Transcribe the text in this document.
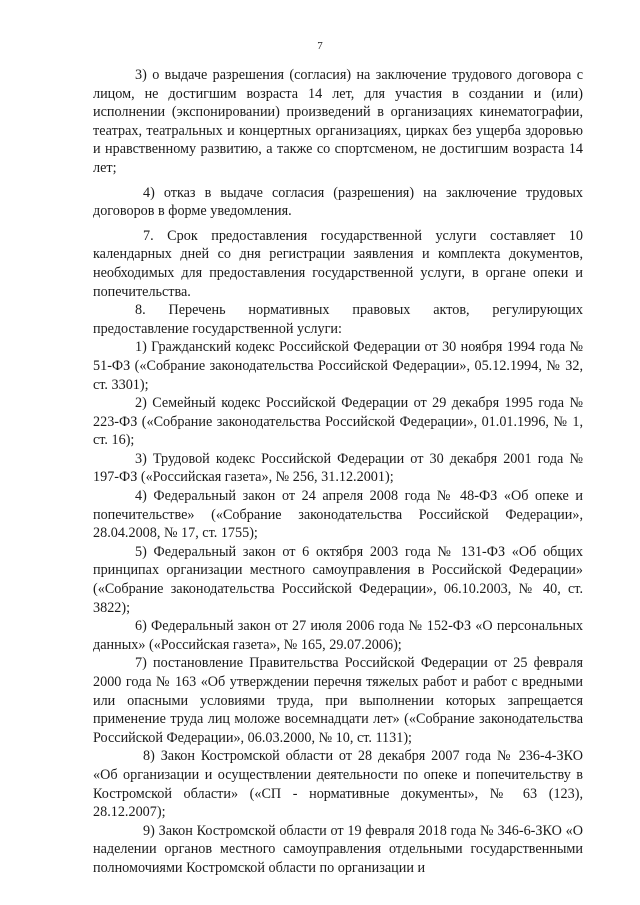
7

3) о выдаче разрешения (согласия) на заключение трудового договора с лицом, не достигшим возраста 14 лет, для участия в создании и (или) исполнении (экспонировании) произведений в организациях кинематографии, театрах, театральных и концертных организациях, цирках без ущерба здоровью и нравственному развитию, а также со спортсменом, не достигшим возраста 14 лет;

4) отказ в выдаче согласия (разрешения) на заключение трудовых договоров в форме уведомления.

7. Срок предоставления государственной услуги составляет 10 календарных дней со дня регистрации заявления и комплекта документов, необходимых для предоставления государственной услуги, в органе опеки и попечительства.

8. Перечень нормативных правовых актов, регулирующих предоставление государственной услуги:

1) Гражданский кодекс Российской Федерации от 30 ноября 1994 года № 51-ФЗ («Собрание законодательства Российской Федерации», 05.12.1994, № 32, ст. 3301);

2) Семейный кодекс Российской Федерации от 29 декабря 1995 года № 223-ФЗ («Собрание законодательства Российской Федерации», 01.01.1996, № 1, ст. 16);

3) Трудовой кодекс Российской Федерации от 30 декабря 2001 года № 197-ФЗ («Российская газета», № 256, 31.12.2001);

4) Федеральный закон от 24 апреля 2008 года № 48-ФЗ «Об опеке и попечительстве» («Собрание законодательства Российской Федерации», 28.04.2008, № 17, ст. 1755);

5) Федеральный закон от 6 октября 2003 года № 131-ФЗ «Об общих принципах организации местного самоуправления в Российской Федерации» («Собрание законодательства Российской Федерации», 06.10.2003, № 40, ст. 3822);

6) Федеральный закон от 27 июля 2006 года № 152-ФЗ «О персональных данных» («Российская газета», № 165, 29.07.2006);

7) постановление Правительства Российской Федерации от 25 февраля 2000 года № 163 «Об утверждении перечня тяжелых работ и работ с вредными или опасными условиями труда, при выполнении которых запрещается применение труда лиц моложе восемнадцати лет» («Собрание законодательства Российской Федерации», 06.03.2000, № 10, ст. 1131);

8) Закон Костромской области от 28 декабря 2007 года № 236-4-ЗКО «Об организации и осуществлении деятельности по опеке и попечительству в Костромской области» («СП - нормативные документы», № 63 (123), 28.12.2007);

9) Закон Костромской области от 19 февраля 2018 года № 346-6-ЗКО «О наделении органов местного самоуправления отдельными государственными полномочиями Костромской области по организации и
